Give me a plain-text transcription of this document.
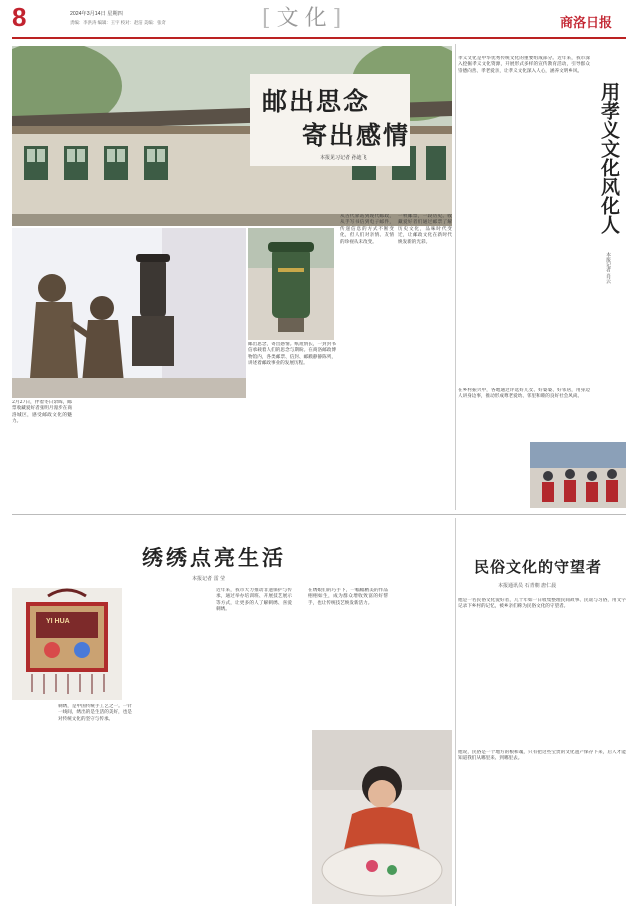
8	2024年3月14日 星期四
责编：李洪涛 编辑：王宇 校对：赵洁 美编：张奇	[文化]	商洛日报
邮出思念
寄出感情
本报见习记者 孙迪飞
2月27日，伴着冬日余晖，邮票收藏爱好者张明月漫步在商洛城区，感受邮政文化的魅力。
邮出思念，寄出感情。纸短情长，一封封书信承载着人们的思念与期盼。在商洛邮政博物馆内，各类邮票、信封、邮戳静静陈列，讲述着邮政事业的发展历程。
从古代驿站到现代邮政，从手写书信到电子邮件，传递信息的方式不断变化，但人们对亲情、友情的珍视从未改变。
一枚邮票，一段历史。收藏爱好者们通过邮票了解历史文化，品味时代变迁，让邮政文化在新时代焕发新的光彩。
孝义文化是中华优秀传统文化的重要组成部分。近年来，我市深入挖掘孝义文化资源，开展形式多样的宣传教育活动，引导群众崇德向善、孝老爱亲，让孝义文化深入人心，涵养文明乡风。
用孝义文化风化人
本报记者 肖云
在乡村振兴中，各地通过评选好儿女、好婆婆、好邻居，用身边人讲身边事，推动形成尊老爱幼、邻里和睦的良好社会风尚。
绣绣点亮生活
本报记者 雷 莹
YI HUA
刺绣，是中国传统手工艺之一。一针一线间，绣出的是生活的美好，也是对传统文化的坚守与传承。
近年来，我市大力推动非遗保护与传承，通过举办培训班、开展技艺展示等方式，让更多的人了解刺绣、喜爱刺绣。
在绣娘们的巧手下，一幅幅精美的作品栩栩如生，成为群众增收致富的好帮手，也让传统技艺焕发新活力。
民俗文化的守望者
本报通讯员 石青朝 唐仁晨
他是一名民俗文化爱好者，几十年如一日收集整理民间故事、民谣与习俗，用文字记录下乡村的记忆，被乡亲们称为民俗文化的守望者。
他说，民俗是一个地方的根和魂，只有把这些宝贵的文化遗产保存下来，后人才能知道我们从哪里来、到哪里去。
